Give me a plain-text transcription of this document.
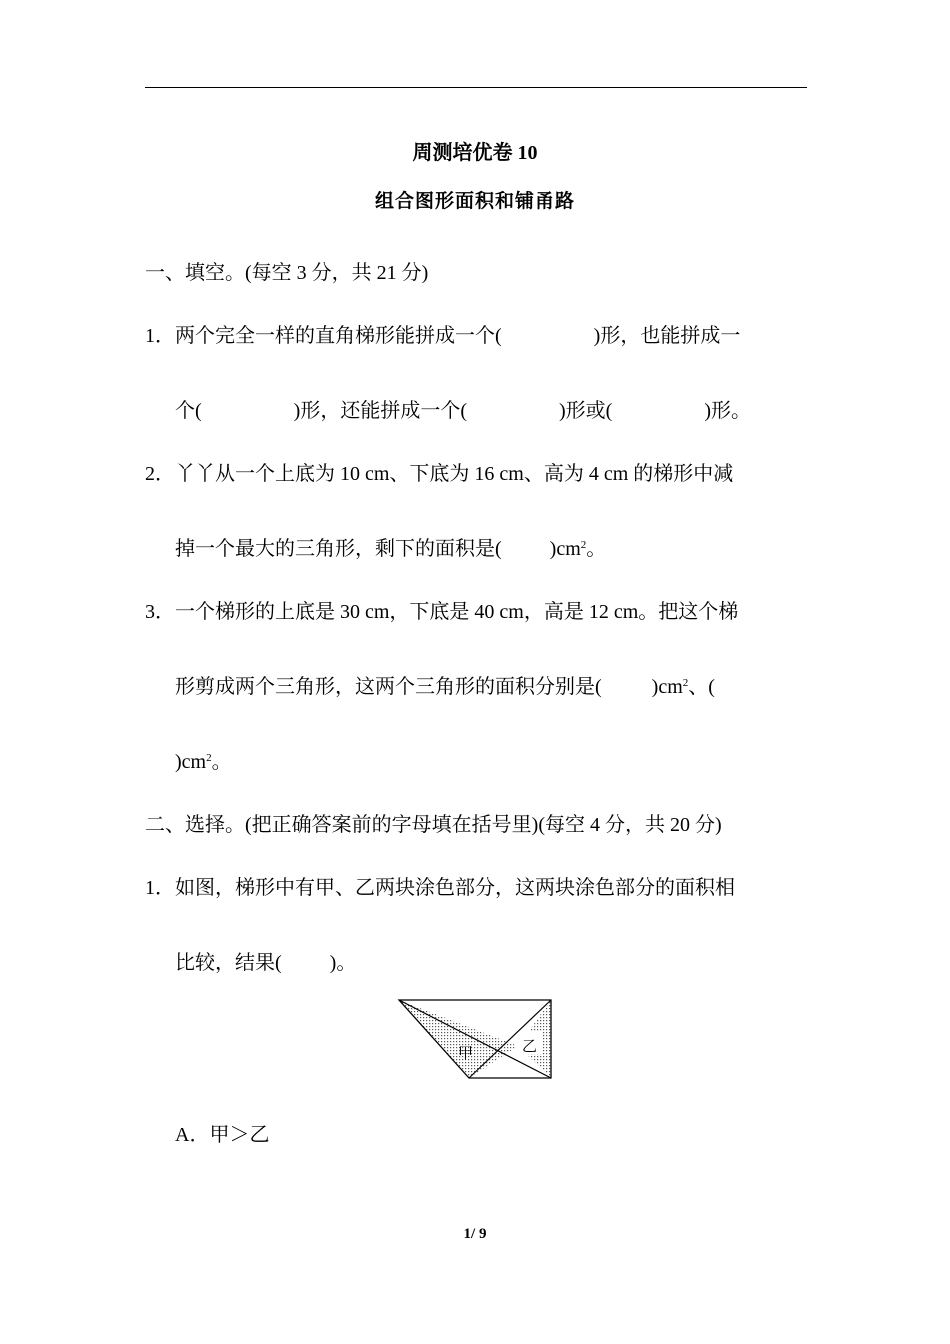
周测培优卷 10
组合图形面积和铺甬路
一、填空。(每空 3 分，共 21 分)
1．两个完全一样的直角梯形能拼成一个(	)形，也能拼成一
个(	)形，还能拼成一个(	)形或(	)形。
2．丫丫从一个上底为 10 cm、下底为 16 cm、高为 4 cm 的梯形中减
掉一个最大的三角形，剩下的面积是( )$cm^2$。
3．一个梯形的上底是 30 cm，下底是 40 cm，高是 12 cm。把这个梯
形剪成两个三角形，这两个三角形的面积分别是(	)$cm^2$、(
)$cm^2$。
二、选择。(把正确答案前的字母填在括号里)(每空 4 分，共 20 分)
1．如图，梯形中有甲、乙两块涂色部分，这两块涂色部分的面积相
比较，结果( )。
甲	乙
A．甲＞乙
1/ 9
